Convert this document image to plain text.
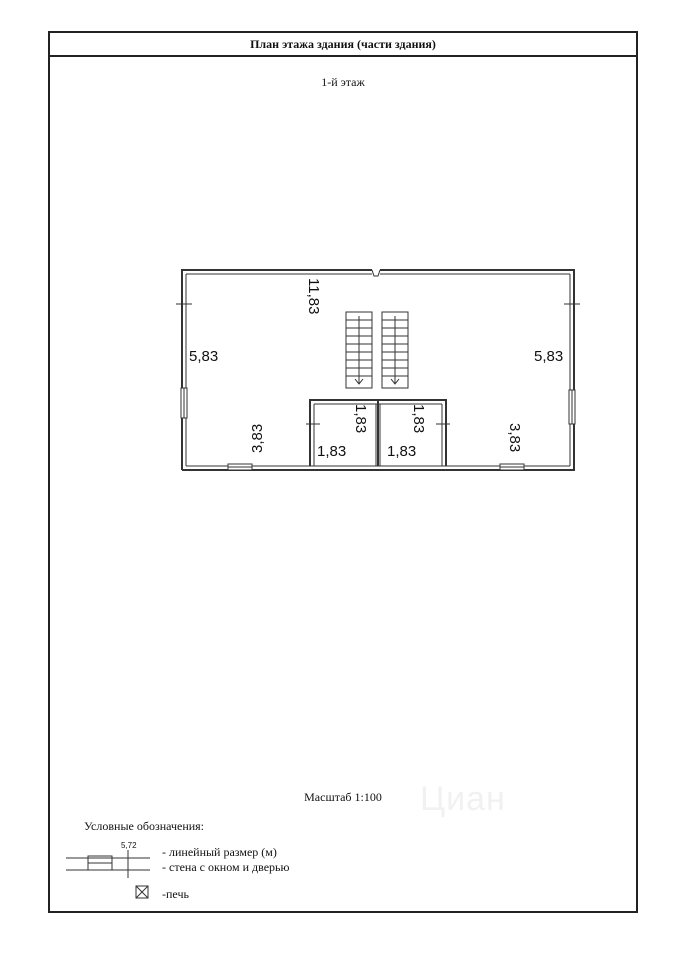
План этажа здания (части здания)
1-й этаж
Масштаб 1:100
Условные обозначения:
Циан
11,83
5,83	5,83
3,83	3,83
1,83	1,83
1,83	1,83
5,72 - линейный размер (м)
- стена с окном и дверью
-печь
